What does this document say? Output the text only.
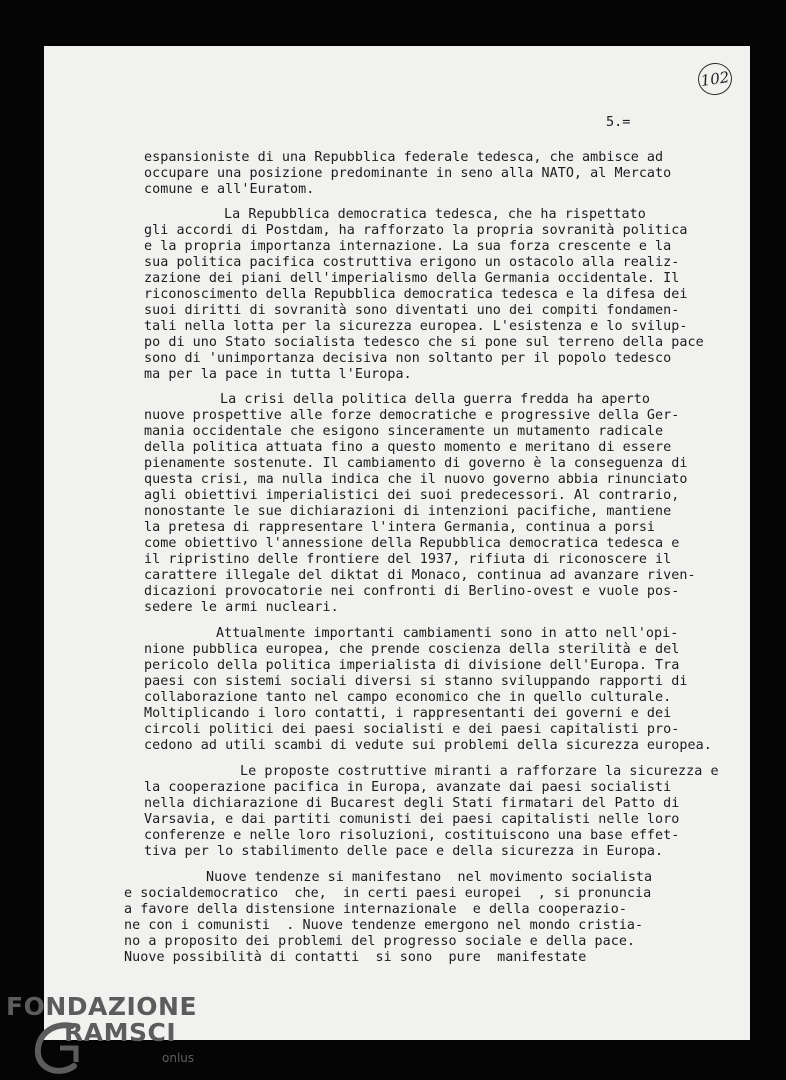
102
5.=
espansioniste di una Repubblica federale tedesca, che ambisce ad
occupare una posizione predominante in seno alla NATO, al Mercato
comune e all'Euratom.
La Repubblica democratica tedesca, che ha rispettato
gli accordi di Postdam, ha rafforzato la propria sovranità politica
e la propria importanza internazione. La sua forza crescente e la
sua politica pacifica costruttiva erigono un ostacolo alla realiz-
zazione dei piani dell'imperialismo della Germania occidentale. Il
riconoscimento della Repubblica democratica tedesca e la difesa dei
suoi diritti di sovranità sono diventati uno dei compiti fondamen-
tali nella lotta per la sicurezza europea. L'esistenza e lo svilup-
po di uno Stato socialista tedesco che si pone sul terreno della pace
sono di 'unimportanza decisiva non soltanto per il popolo tedesco
ma per la pace in tutta l'Europa.
La crisi della politica della guerra fredda ha aperto
nuove prospettive alle forze democratiche e progressive della Ger-
mania occidentale che esigono sinceramente un mutamento radicale
della politica attuata fino a questo momento e meritano di essere
pienamente sostenute. Il cambiamento di governo è la conseguenza di
questa crisi, ma nulla indica che il nuovo governo abbia rinunciato
agli obiettivi imperialistici dei suoi predecessori. Al contrario,
nonostante le sue dichiarazioni di intenzioni pacifiche, mantiene
la pretesa di rappresentare l'intera Germania, continua a porsi
come obiettivo l'annessione della Repubblica democratica tedesca e
il ripristino delle frontiere del 1937, rifiuta di riconoscere il
carattere illegale del diktat di Monaco, continua ad avanzare riven-
dicazioni provocatorie nei confronti di Berlino-ovest e vuole pos-
sedere le armi nucleari.
Attualmente importanti cambiamenti sono in atto nell'opi-
nione pubblica europea, che prende coscienza della sterilità e del
pericolo della politica imperialista di divisione dell'Europa. Tra
paesi con sistemi sociali diversi si stanno sviluppando rapporti di
collaborazione tanto nel campo economico che in quello culturale.
Moltiplicando i loro contatti, i rappresentanti dei governi e dei
circoli politici dei paesi socialisti e dei paesi capitalisti pro-
cedono ad utili scambi di vedute sui problemi della sicurezza europea.
Le proposte costruttive miranti a rafforzare la sicurezza e
la cooperazione pacifica in Europa, avanzate dai paesi socialisti
nella dichiarazione di Bucarest degli Stati firmatari del Patto di
Varsavia, e dai partiti comunisti dei paesi capitalisti nelle loro
conferenze e nelle loro risoluzioni, costituiscono una base effet-
tiva per lo stabilimento delle pace e della sicurezza in Europa.
Nuove tendenze si manifestano  nel movimento socialista
e socialdemocratico  che,  in certi paesi europei  , si pronuncia
a favore della distensione internazionale  e della cooperazio-
ne con i comunisti  . Nuove tendenze emergono nel mondo cristia-
no a proposito dei problemi del progresso sociale e della pace.
Nuove possibilità di contatti  si sono  pure  manifestate
FONDAZIONE
RAMSCI
onlus
